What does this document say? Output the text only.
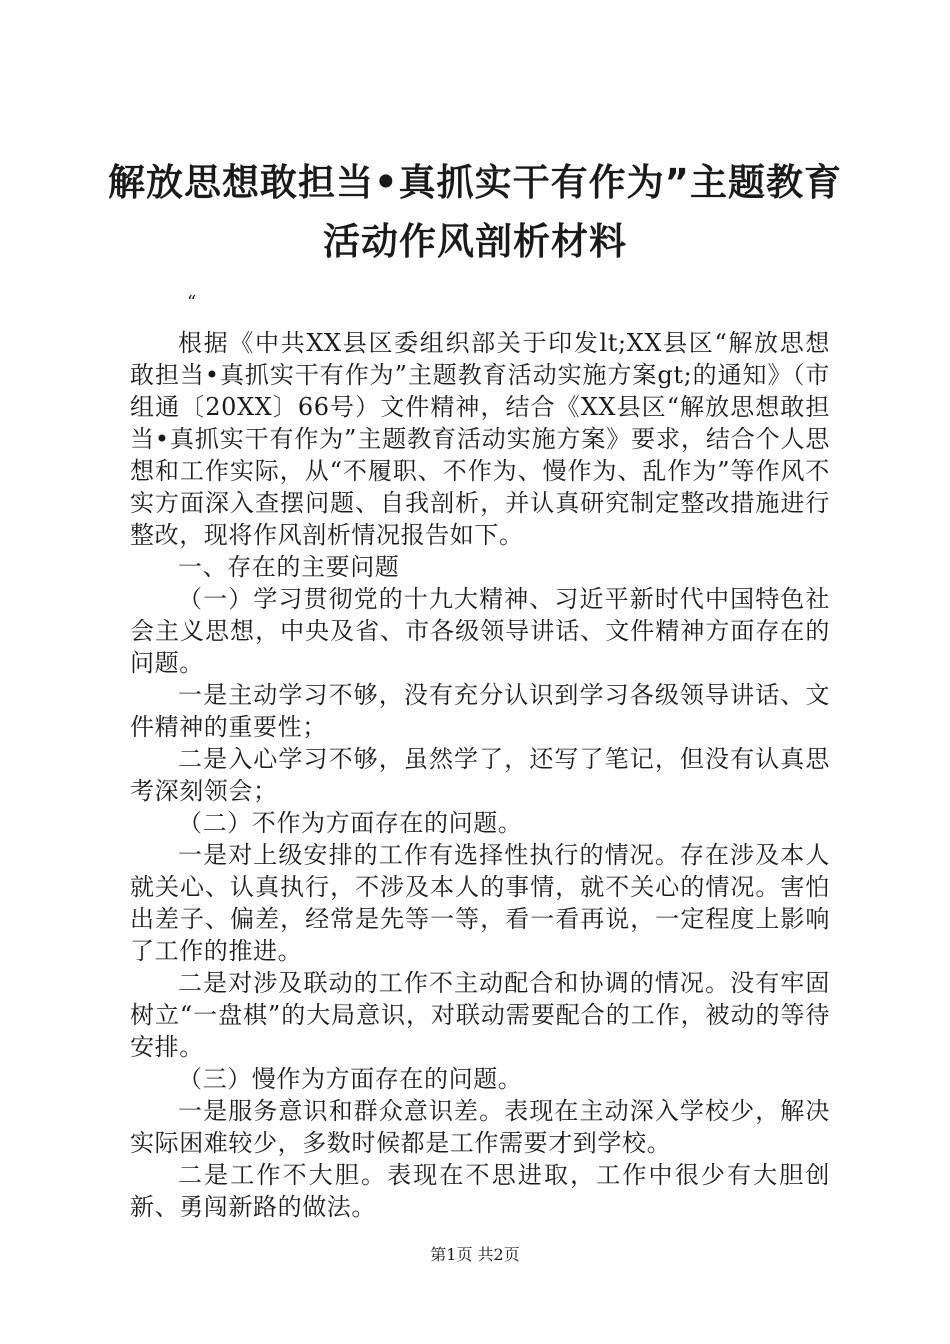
解放思想敢担当•真抓实干有作为”主题教育
活动作风剖析材料
“

根据《中共XX县区委组织部关于印发lt;XX县区“解放思想敢担当•真抓实干有作为”主题教育活动实施方案gt;的通知》（市组通〔20XX〕66号）文件精神，结合《XX县区“解放思想敢担当•真抓实干有作为”主题教育活动实施方案》要求，结合个人思想和工作实际，从“不履职、不作为、慢作为、乱作为”等作风不实方面深入查摆问题、自我剖析，并认真研究制定整改措施进行整改，现将作风剖析情况报告如下。

一、存在的主要问题

（一）学习贯彻党的十九大精神、习近平新时代中国特色社会主义思想，中央及省、市各级领导讲话、文件精神方面存在的问题。

一是主动学习不够，没有充分认识到学习各级领导讲话、文件精神的重要性；

二是入心学习不够，虽然学了，还写了笔记，但没有认真思考深刻领会；

（二）不作为方面存在的问题。

一是对上级安排的工作有选择性执行的情况。存在涉及本人就关心、认真执行，不涉及本人的事情，就不关心的情况。害怕出差子、偏差，经常是先等一等，看一看再说，一定程度上影响了工作的推进。

二是对涉及联动的工作不主动配合和协调的情况。没有牢固树立“一盘棋”的大局意识，对联动需要配合的工作，被动的等待安排。

（三）慢作为方面存在的问题。

一是服务意识和群众意识差。表现在主动深入学校少，解决实际困难较少，多数时候都是工作需要才到学校。

二是工作不大胆。表现在不思进取，工作中很少有大胆创新、勇闯新路的做法。

第1页 共2页
